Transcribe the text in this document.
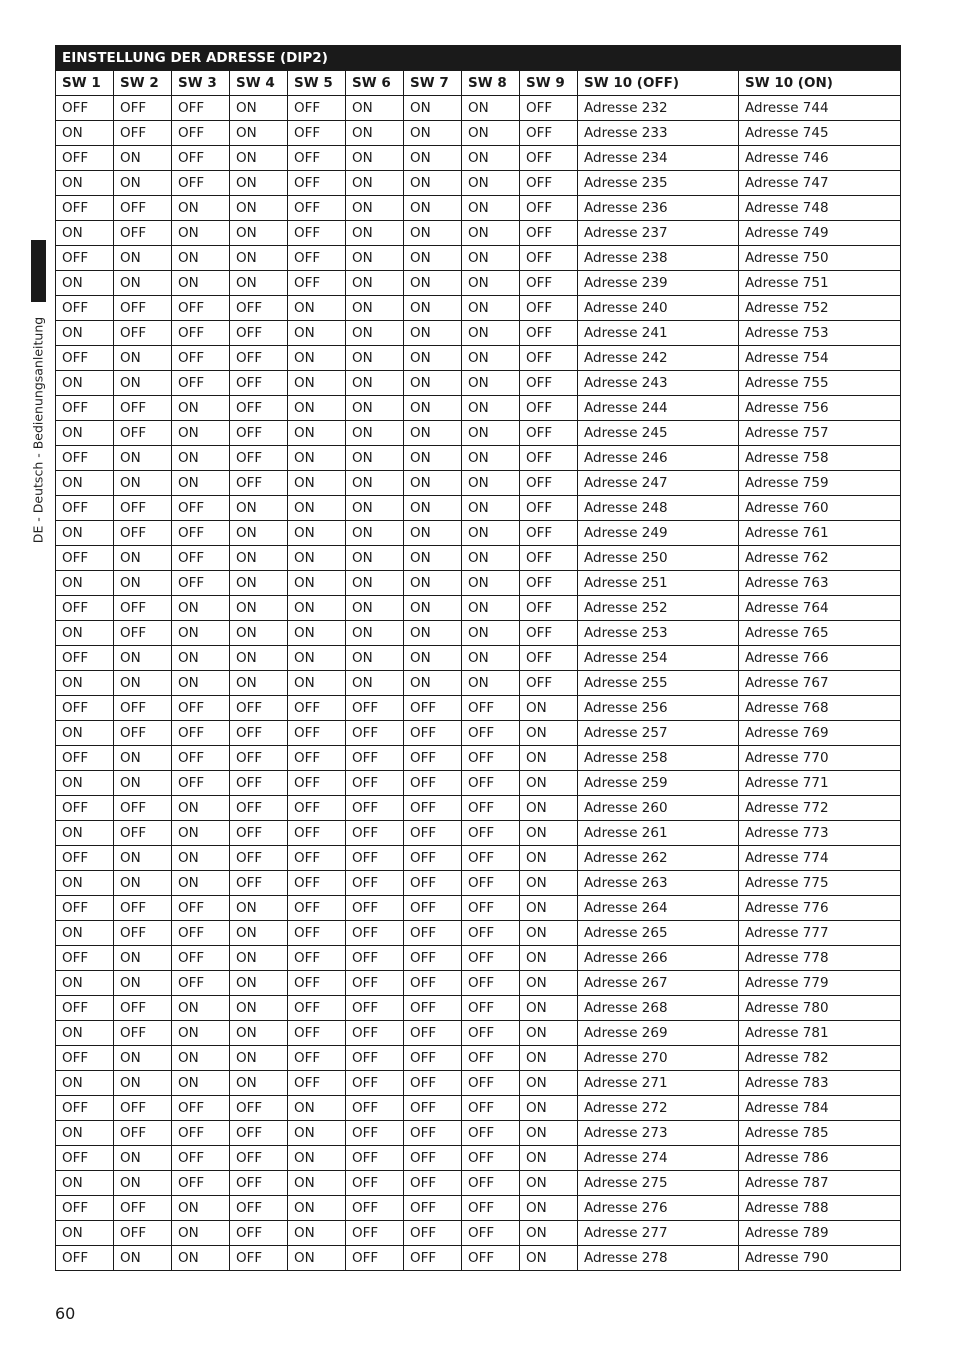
DE - Deutsch - Bedienungsanleitung
EINSTELLUNG DER ADRESSE (DIP2)										
SW 1	SW 2	SW 3	SW 4	SW 5	SW 6	SW 7	SW 8	SW 9	SW 10 (OFF)	SW 10 (ON)
OFF	OFF	OFF	ON	OFF	ON	ON	ON	OFF	Adresse 232	Adresse 744
ON	OFF	OFF	ON	OFF	ON	ON	ON	OFF	Adresse 233	Adresse 745
OFF	ON	OFF	ON	OFF	ON	ON	ON	OFF	Adresse 234	Adresse 746
ON	ON	OFF	ON	OFF	ON	ON	ON	OFF	Adresse 235	Adresse 747
OFF	OFF	ON	ON	OFF	ON	ON	ON	OFF	Adresse 236	Adresse 748
ON	OFF	ON	ON	OFF	ON	ON	ON	OFF	Adresse 237	Adresse 749
OFF	ON	ON	ON	OFF	ON	ON	ON	OFF	Adresse 238	Adresse 750
ON	ON	ON	ON	OFF	ON	ON	ON	OFF	Adresse 239	Adresse 751
OFF	OFF	OFF	OFF	ON	ON	ON	ON	OFF	Adresse 240	Adresse 752
ON	OFF	OFF	OFF	ON	ON	ON	ON	OFF	Adresse 241	Adresse 753
OFF	ON	OFF	OFF	ON	ON	ON	ON	OFF	Adresse 242	Adresse 754
ON	ON	OFF	OFF	ON	ON	ON	ON	OFF	Adresse 243	Adresse 755
OFF	OFF	ON	OFF	ON	ON	ON	ON	OFF	Adresse 244	Adresse 756
ON	OFF	ON	OFF	ON	ON	ON	ON	OFF	Adresse 245	Adresse 757
OFF	ON	ON	OFF	ON	ON	ON	ON	OFF	Adresse 246	Adresse 758
ON	ON	ON	OFF	ON	ON	ON	ON	OFF	Adresse 247	Adresse 759
OFF	OFF	OFF	ON	ON	ON	ON	ON	OFF	Adresse 248	Adresse 760
ON	OFF	OFF	ON	ON	ON	ON	ON	OFF	Adresse 249	Adresse 761
OFF	ON	OFF	ON	ON	ON	ON	ON	OFF	Adresse 250	Adresse 762
ON	ON	OFF	ON	ON	ON	ON	ON	OFF	Adresse 251	Adresse 763
OFF	OFF	ON	ON	ON	ON	ON	ON	OFF	Adresse 252	Adresse 764
ON	OFF	ON	ON	ON	ON	ON	ON	OFF	Adresse 253	Adresse 765
OFF	ON	ON	ON	ON	ON	ON	ON	OFF	Adresse 254	Adresse 766
ON	ON	ON	ON	ON	ON	ON	ON	OFF	Adresse 255	Adresse 767
OFF	OFF	OFF	OFF	OFF	OFF	OFF	OFF	ON	Adresse 256	Adresse 768
ON	OFF	OFF	OFF	OFF	OFF	OFF	OFF	ON	Adresse 257	Adresse 769
OFF	ON	OFF	OFF	OFF	OFF	OFF	OFF	ON	Adresse 258	Adresse 770
ON	ON	OFF	OFF	OFF	OFF	OFF	OFF	ON	Adresse 259	Adresse 771
OFF	OFF	ON	OFF	OFF	OFF	OFF	OFF	ON	Adresse 260	Adresse 772
ON	OFF	ON	OFF	OFF	OFF	OFF	OFF	ON	Adresse 261	Adresse 773
OFF	ON	ON	OFF	OFF	OFF	OFF	OFF	ON	Adresse 262	Adresse 774
ON	ON	ON	OFF	OFF	OFF	OFF	OFF	ON	Adresse 263	Adresse 775
OFF	OFF	OFF	ON	OFF	OFF	OFF	OFF	ON	Adresse 264	Adresse 776
ON	OFF	OFF	ON	OFF	OFF	OFF	OFF	ON	Adresse 265	Adresse 777
OFF	ON	OFF	ON	OFF	OFF	OFF	OFF	ON	Adresse 266	Adresse 778
ON	ON	OFF	ON	OFF	OFF	OFF	OFF	ON	Adresse 267	Adresse 779
OFF	OFF	ON	ON	OFF	OFF	OFF	OFF	ON	Adresse 268	Adresse 780
ON	OFF	ON	ON	OFF	OFF	OFF	OFF	ON	Adresse 269	Adresse 781
OFF	ON	ON	ON	OFF	OFF	OFF	OFF	ON	Adresse 270	Adresse 782
ON	ON	ON	ON	OFF	OFF	OFF	OFF	ON	Adresse 271	Adresse 783
OFF	OFF	OFF	OFF	ON	OFF	OFF	OFF	ON	Adresse 272	Adresse 784
ON	OFF	OFF	OFF	ON	OFF	OFF	OFF	ON	Adresse 273	Adresse 785
OFF	ON	OFF	OFF	ON	OFF	OFF	OFF	ON	Adresse 274	Adresse 786
ON	ON	OFF	OFF	ON	OFF	OFF	OFF	ON	Adresse 275	Adresse 787
OFF	OFF	ON	OFF	ON	OFF	OFF	OFF	ON	Adresse 276	Adresse 788
ON	OFF	ON	OFF	ON	OFF	OFF	OFF	ON	Adresse 277	Adresse 789
OFF	ON	ON	OFF	ON	OFF	OFF	OFF	ON	Adresse 278	Adresse 790
60
